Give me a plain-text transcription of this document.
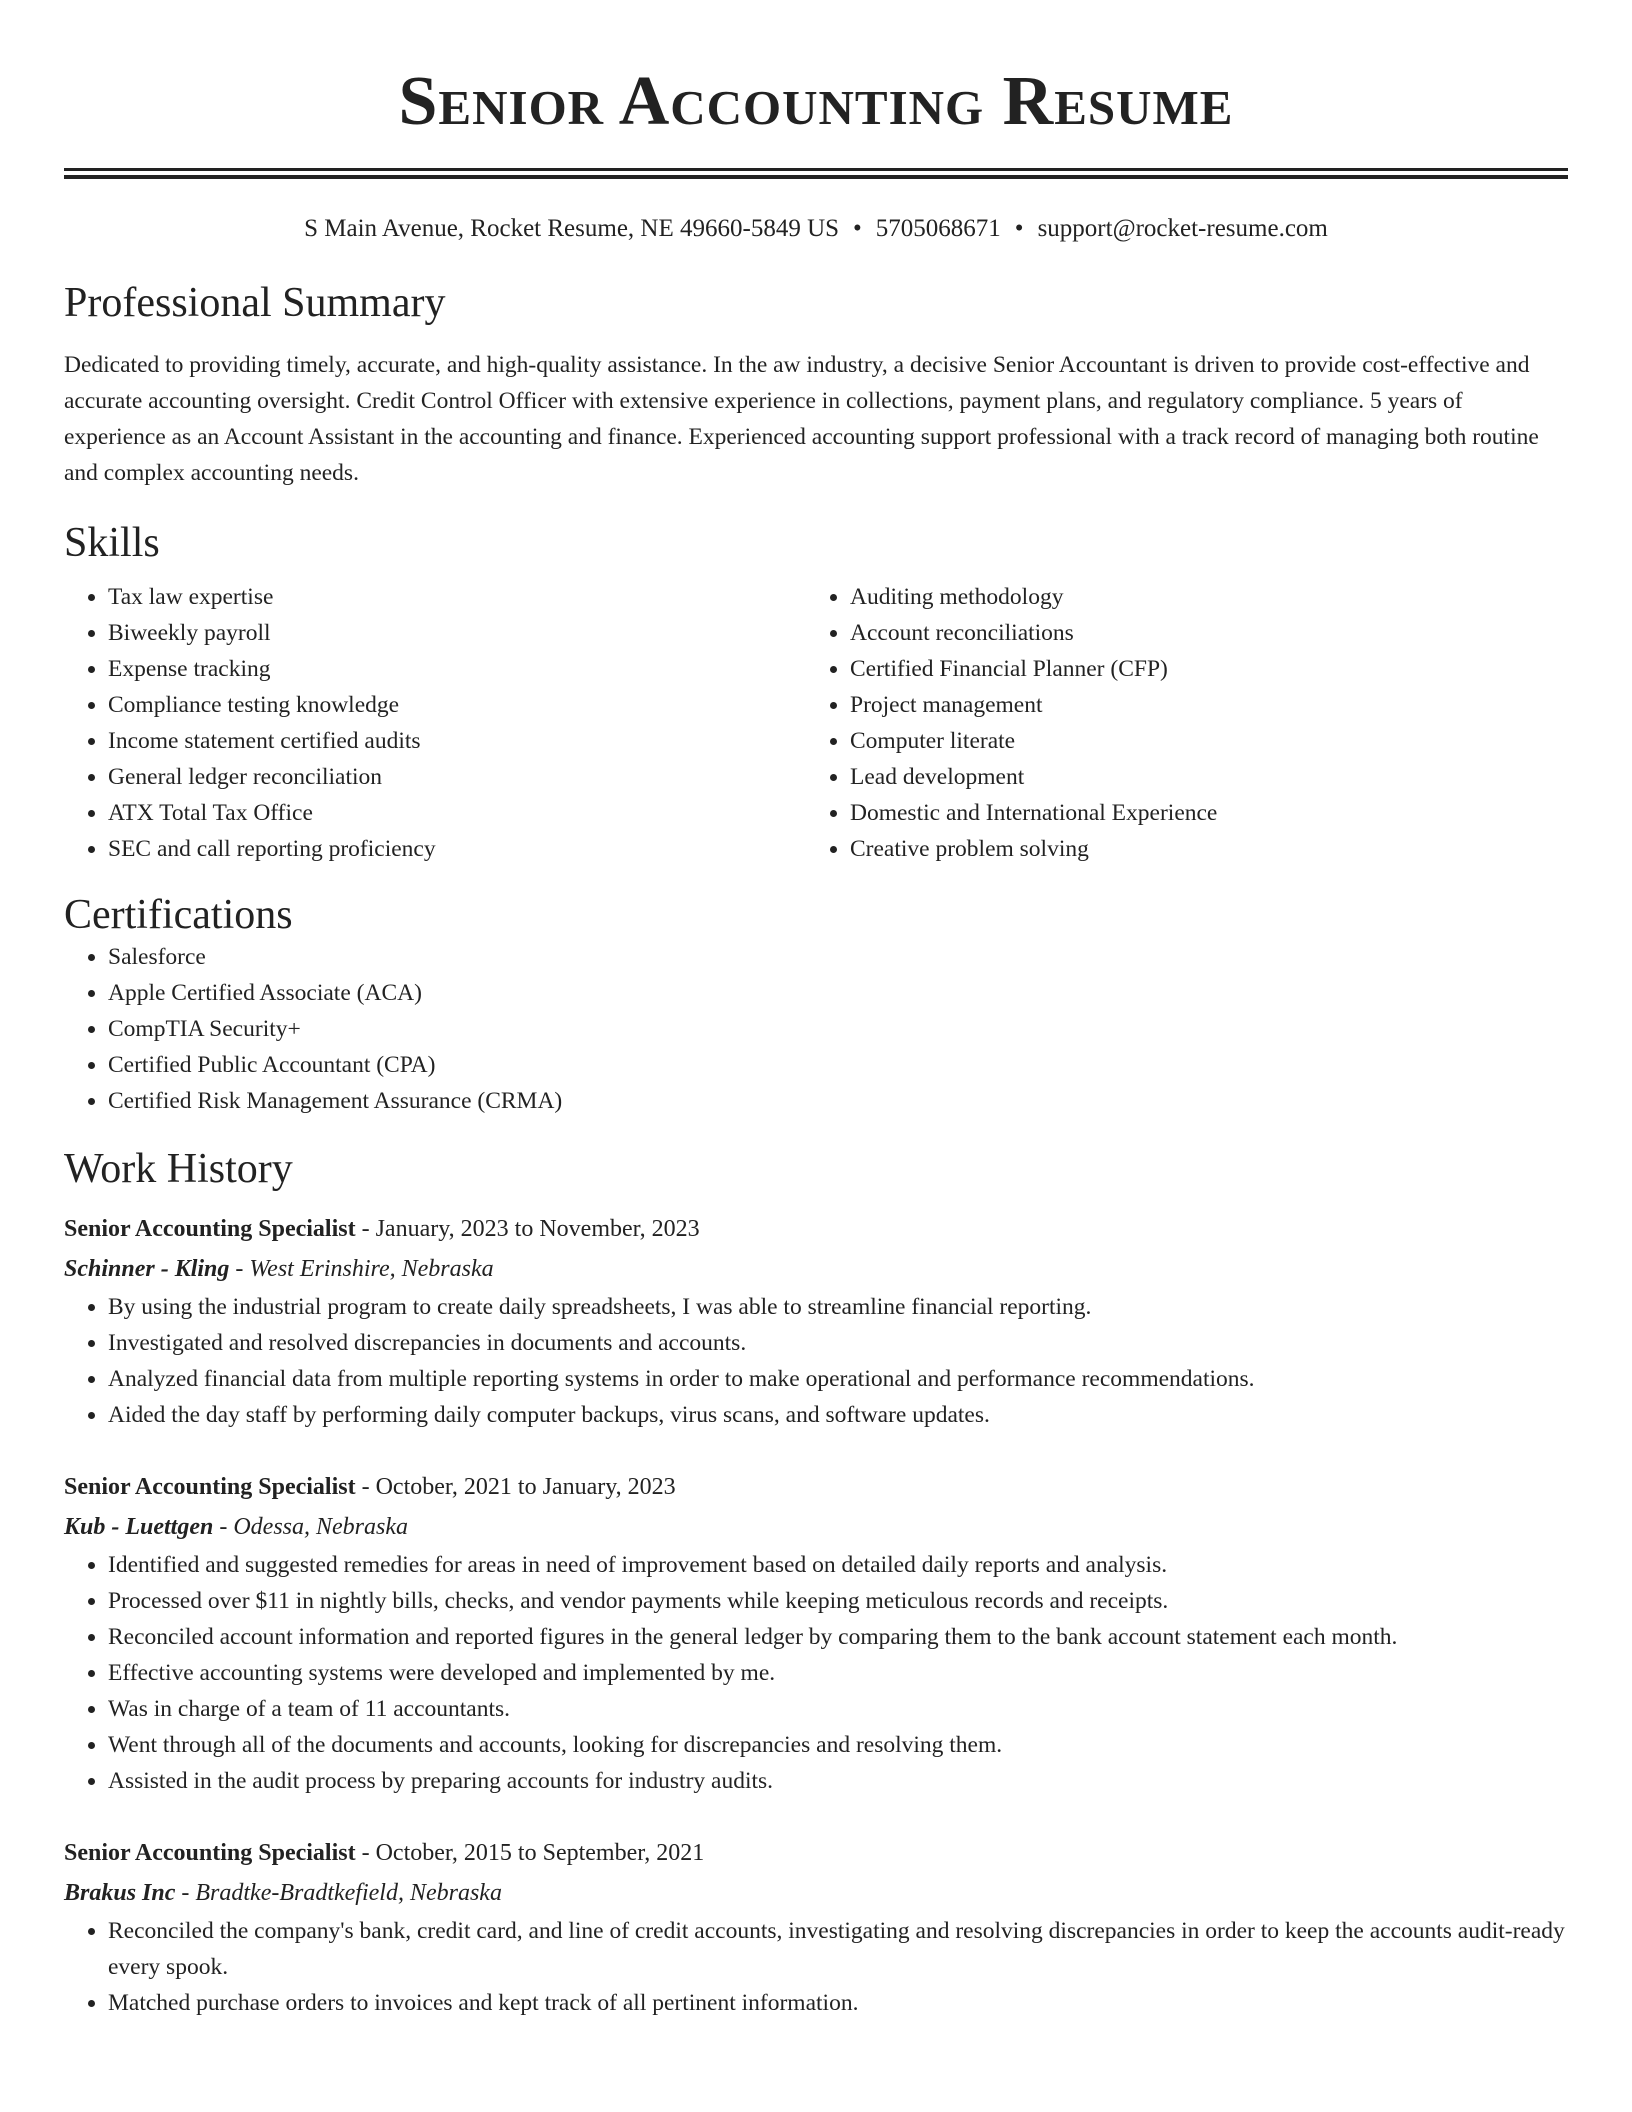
Senior Accounting Resume
S Main Avenue, Rocket Resume, NE 49660-5849 US • 5705068671 • support@rocket-resume.com
Professional Summary
Dedicated to providing timely, accurate, and high-quality assistance. In the aw industry, a decisive Senior Accountant is driven to provide cost-effective and accurate accounting oversight. Credit Control Officer with extensive experience in collections, payment plans, and regulatory compliance. 5 years of experience as an Account Assistant in the accounting and finance. Experienced accounting support professional with a track record of managing both routine and complex accounting needs.
Skills
• Tax law expertise
• Biweekly payroll
• Expense tracking
• Compliance testing knowledge
• Income statement certified audits
• General ledger reconciliation
• ATX Total Tax Office
• SEC and call reporting proficiency
• Auditing methodology
• Account reconciliations
• Certified Financial Planner (CFP)
• Project management
• Computer literate
• Lead development
• Domestic and International Experience
• Creative problem solving
Certifications
• Salesforce
• Apple Certified Associate (ACA)
• CompTIA Security+
• Certified Public Accountant (CPA)
• Certified Risk Management Assurance (CRMA)
Work History
Senior Accounting Specialist - January, 2023 to November, 2023
Schinner - Kling - West Erinshire, Nebraska
• By using the industrial program to create daily spreadsheets, I was able to streamline financial reporting.
• Investigated and resolved discrepancies in documents and accounts.
• Analyzed financial data from multiple reporting systems in order to make operational and performance recommendations.
• Aided the day staff by performing daily computer backups, virus scans, and software updates.
Senior Accounting Specialist - October, 2021 to January, 2023
Kub - Luettgen - Odessa, Nebraska
• Identified and suggested remedies for areas in need of improvement based on detailed daily reports and analysis.
• Processed over $11 in nightly bills, checks, and vendor payments while keeping meticulous records and receipts.
• Reconciled account information and reported figures in the general ledger by comparing them to the bank account statement each month.
• Effective accounting systems were developed and implemented by me.
• Was in charge of a team of 11 accountants.
• Went through all of the documents and accounts, looking for discrepancies and resolving them.
• Assisted in the audit process by preparing accounts for industry audits.
Senior Accounting Specialist - October, 2015 to September, 2021
Brakus Inc - Bradtke-Bradtkefield, Nebraska
• Reconciled the company's bank, credit card, and line of credit accounts, investigating and resolving discrepancies in order to keep the accounts audit-ready every spook.
• Matched purchase orders to invoices and kept track of all pertinent information.
